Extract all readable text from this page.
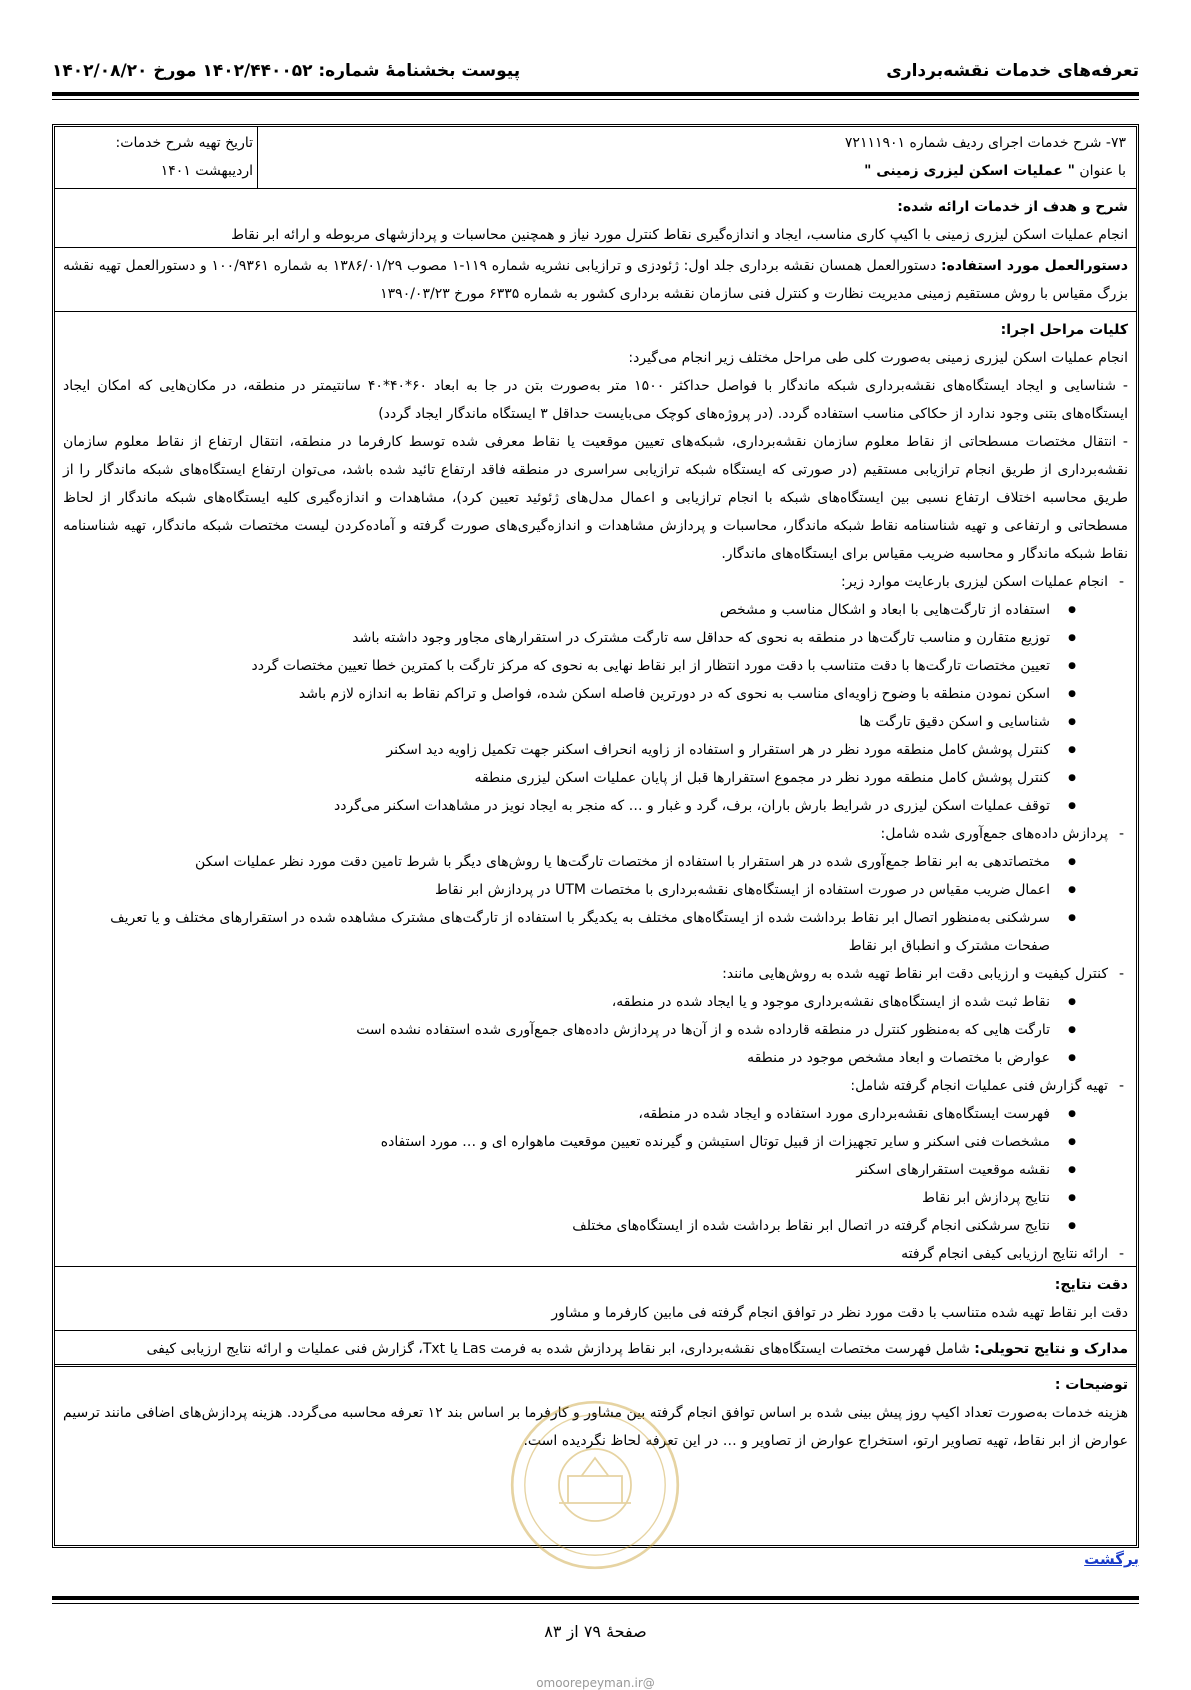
تعرفه‌های خدمات نقشه‌برداری
پیوست بخشنامۀ شماره: ۱۴۰۲/۴۴۰۰۵۲ مورخ ۱۴۰۲/۰۸/۲۰

۷۳- شرح خدمات اجرای ردیف شماره ۷۲۱۱۱۹۰۱

با عنوان " عملیات اسکن لیزری زمینی "

تاریخ تهیه شرح خدمات:

اردیبهشت ۱۴۰۱

شرح و هدف از خدمات ارائه شده:

انجام عملیات اسکن لیزری زمینی با اکیپ کاری مناسب، ایجاد و اندازه‌گیری نقاط کنترل مورد نیاز و همچنین محاسبات و پردازشهای مربوطه و ارائه ابر نقاط

دستورالعمل مورد استفاده: دستورالعمل همسان نقشه برداری جلد اول: ژئودزی و ترازیابی نشریه شماره ۱۱۹-۱ مصوب ۱۳۸۶/۰۱/۲۹ به شماره ۱۰۰/۹۳۶۱ و دستورالعمل تهیه نقشه بزرگ مقیاس با روش مستقیم زمینی مدیریت نظارت و کنترل فنی سازمان نقشه برداری کشور به شماره ۶۳۳۵ مورخ ۱۳۹۰/۰۳/۲۳

کلیات مراحل اجرا:

انجام عملیات اسکن لیزری زمینی به‌صورت کلی طی مراحل مختلف زیر انجام می‌گیرد:

- شناسایی و ایجاد ایستگاه‌های نقشه‌برداری شبکه ماندگار با فواصل حداکثر ۱۵۰۰ متر به‌صورت بتن در جا به ابعاد ۶۰*۴۰*۴۰ سانتیمتر در منطقه، در مکان‌هایی که امکان ایجاد ایستگاه‌های بتنی وجود ندارد از حکاکی مناسب استفاده گردد. (در پروژه‌های کوچک می‌بایست حداقل ۳ ایستگاه ماندگار ایجاد گردد)

- انتقال مختصات مسطحاتی از نقاط معلوم سازمان نقشه‌برداری، شبکه‌های تعیین موقعیت یا نقاط معرفی شده توسط کارفرما در منطقه، انتقال ارتفاع از نقاط معلوم سازمان نقشه‌برداری از طریق انجام ترازیابی مستقیم (در صورتی که ایستگاه شبکه ترازیابی سراسری در منطقه فاقد ارتفاع تائید شده باشد، می‌توان ارتفاع ایستگاه‌های شبکه ماندگار را از طریق محاسبه اختلاف ارتفاع نسبی بین ایستگاه‌های شبکه با انجام ترازیابی و اعمال مدل‌های ژئوئید تعیین کرد)، مشاهدات و اندازه‌گیری کلیه ایستگاه‌های شبکه ماندگار از لحاظ مسطحاتی و ارتفاعی و تهیه شناسنامه نقاط شبکه ماندگار، محاسبات و پردازش مشاهدات و اندازه‌گیری‌های صورت گرفته و آماده‌کردن لیست مختصات شبکه ماندگار، تهیه شناسنامه نقاط شبکه ماندگار و محاسبه ضریب مقیاس برای ایستگاه‌های ماندگار.

- انجام عملیات اسکن لیزری بارعایت موارد زیر:
● استفاده از تارگت‌هایی با ابعاد و اشکال مناسب و مشخص
● توزیع متقارن و مناسب تارگت‌ها در منطقه به نحوی که حداقل سه تارگت مشترک در استقرارهای مجاور وجود داشته باشد
● تعیین مختصات تارگت‌ها با دقت متناسب با دقت مورد انتظار از ابر نقاط نهایی به نحوی که مرکز تارگت با کمترین خطا تعیین مختصات گردد
● اسکن نمودن منطقه با وضوح زاویه‌ای مناسب به نحوی که در دورترین فاصله اسکن شده، فواصل و تراکم نقاط به اندازه لازم باشد
● شناسایی و اسکن دقیق تارگت ها
● کنترل پوشش کامل منطقه مورد نظر در هر استقرار و استفاده از زاویه انحراف اسکنر جهت تکمیل زاویه دید اسکنر
● کنترل پوشش کامل منطقه مورد نظر در مجموع استقرارها قبل از پایان عملیات اسکن لیزری منطقه
● توقف عملیات اسکن لیزری در شرایط بارش باران، برف، گرد و غبار و … که منجر به ایجاد نویز در مشاهدات اسکنر می‌گردد
- پردازش داده‌های جمع‌آوری شده شامل:
● مختصاتدهی به ابر نقاط جمع‌آوری شده در هر استقرار با استفاده از مختصات تارگت‌ها یا روش‌های دیگر با شرط تامین دقت مورد نظر عملیات اسکن
● اعمال ضریب مقیاس در صورت استفاده از ایستگاه‌های نقشه‌برداری با مختصات UTM در پردازش ابر نقاط
● سرشکنی به‌منظور اتصال ابر نقاط برداشت شده از ایستگاه‌های مختلف به یکدیگر با استفاده از تارگت‌های مشترک مشاهده شده در استقرارهای مختلف و یا تعریف صفحات مشترک و انطباق ابر نقاط
- کنترل کیفیت و ارزیابی دقت ابر نقاط تهیه شده به روش‌هایی مانند:
● نقاط ثبت شده از ایستگاه‌های نقشه‌برداری موجود و یا ایجاد شده در منطقه،
● تارگت هایی که به‌منظور کنترل در منطقه قارداده شده و از آن‌ها در پردازش داده‌های جمع‌آوری شده استفاده نشده است
● عوارض با مختصات و ابعاد مشخص موجود در منطقه
- تهیه گزارش فنی عملیات انجام گرفته شامل:
● فهرست ایستگاه‌های نقشه‌برداری مورد استفاده و ایجاد شده در منطقه،
● مشخصات فنی اسکنر و سایر تجهیزات از قبیل توتال استیشن و گیرنده تعیین موقعیت ماهواره ای و … مورد استفاده
● نقشه موقعیت استقرارهای اسکنر
● نتایج پردازش ابر نقاط
● نتایج سرشکنی انجام گرفته در اتصال ابر نقاط برداشت شده از ایستگاه‌های مختلف
- ارائه نتایج ارزیابی کیفی انجام گرفته

دقت نتایج:

دقت ابر نقاط تهیه شده متناسب با دقت مورد نظر در توافق انجام گرفته فی مابین کارفرما و مشاور

مدارک و نتایج تحویلی: شامل فهرست مختصات ایستگاه‌های نقشه‌برداری، ابر نقاط پردازش شده به فرمت Las یا Txt، گزارش فنی عملیات و ارائه نتایج ارزیابی کیفی

توضیحات :

هزینه خدمات به‌صورت تعداد اکیپ روز پیش بینی شده بر اساس توافق انجام گرفته بین مشاور و کارفرما بر اساس بند ۱۲ تعرفه محاسبه می‌گردد. هزینه پردازش‌های اضافی مانند ترسیم عوارض از ابر نقاط، تهیه تصاویر ارتو، استخراج عوارض از تصاویر و … در این تعرفه لحاظ نگردیده است.

برگشت
صفحۀ ۷۹ از ۸۳
@omoorepeyman.ir
